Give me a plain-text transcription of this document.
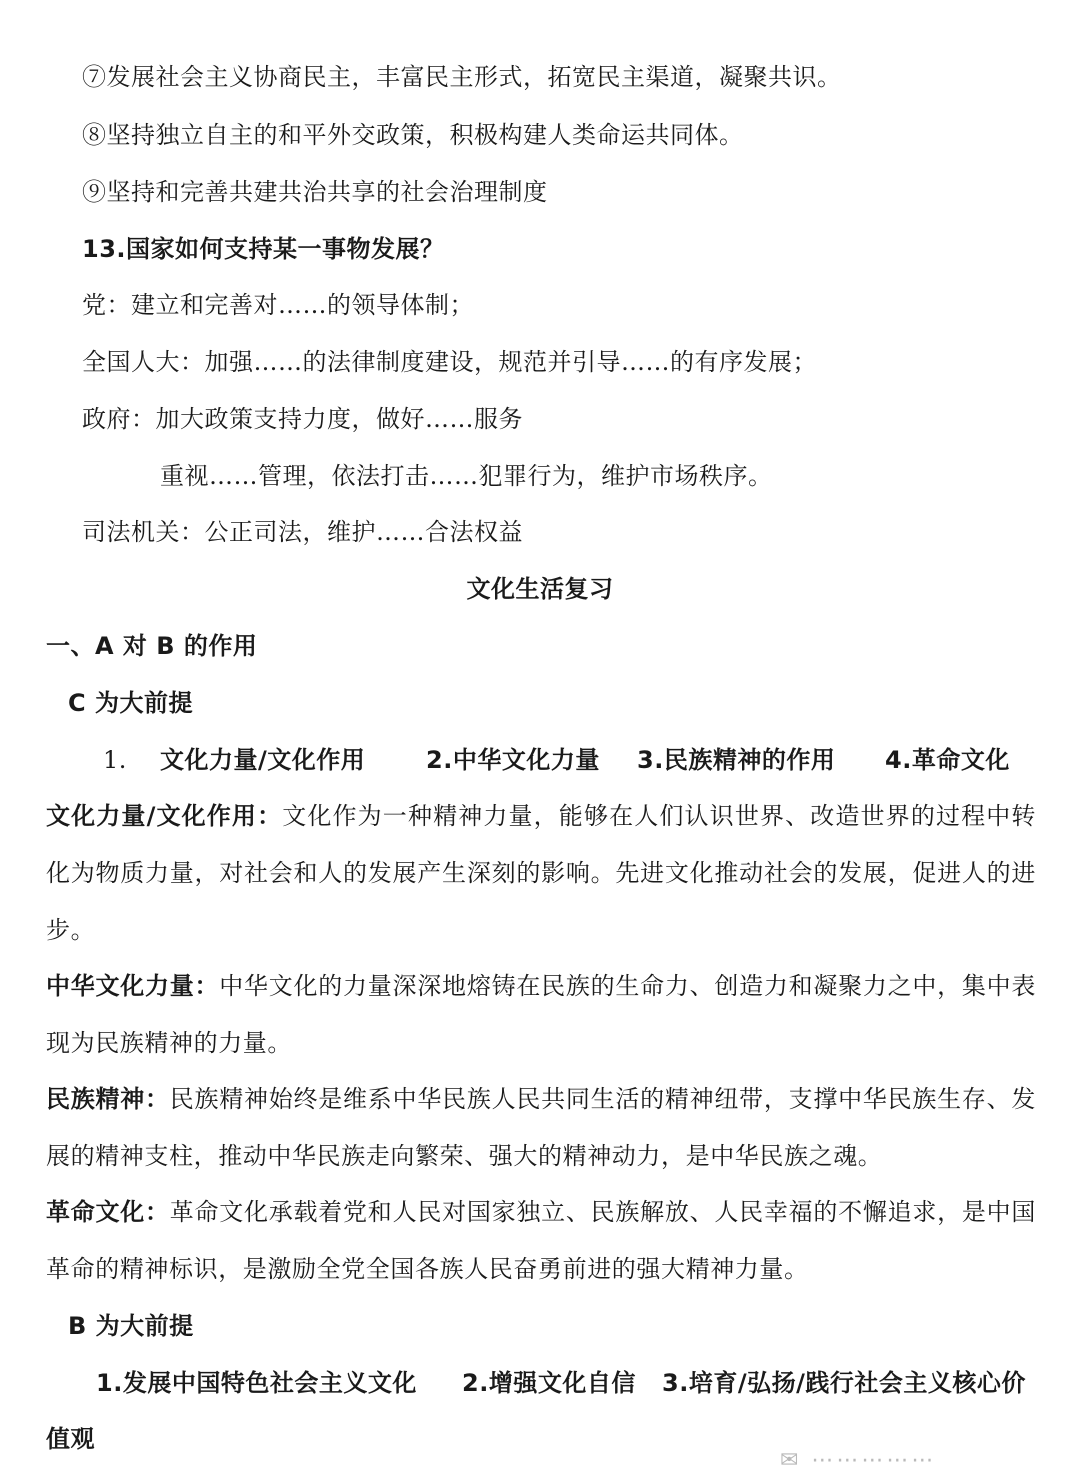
⑦发展社会主义协商民主，丰富民主形式，拓宽民主渠道，凝聚共识。
⑧坚持独立自主的和平外交政策，积极构建人类命运共同体。
⑨坚持和完善共建共治共享的社会治理制度
13.国家如何支持某一事物发展？
党：建立和完善对……的领导体制；
全国人大：加强……的法律制度建设，规范并引导……的有序发展；
政府：加大政策支持力度，做好……服务
重视……管理，依法打击……犯罪行为，维护市场秩序。
司法机关：公正司法，维护……合法权益
文化生活复习
一、A 对 B 的作用
C 为大前提
1. 文化力量/文化作用	2.中华文化力量 3.民族精神的作用 4.革命文化
文化力量/文化作用：文化作为一种精神力量，能够在人们认识世界、改造世界的过程中转化为物质力量，对社会和人的发展产生深刻的影响。先进文化推动社会的发展，促进人的进步。
中华文化力量：中华文化的力量深深地熔铸在民族的生命力、创造力和凝聚力之中，集中表现为民族精神的力量。
民族精神：民族精神始终是维系中华民族人民共同生活的精神纽带，支撑中华民族生存、发展的精神支柱，推动中华民族走向繁荣、强大的精神动力，是中华民族之魂。
革命文化：革命文化承载着党和人民对国家独立、民族解放、人民幸福的不懈追求，是中国革命的精神标识，是激励全党全国各族人民奋勇前进的强大精神力量。
B 为大前提
1.发展中国特色社会主义文化 2.增强文化自信 3.培育/弘扬/践行社会主义核心价
值观
✉ ⋯⋯⋯⋯⋯
